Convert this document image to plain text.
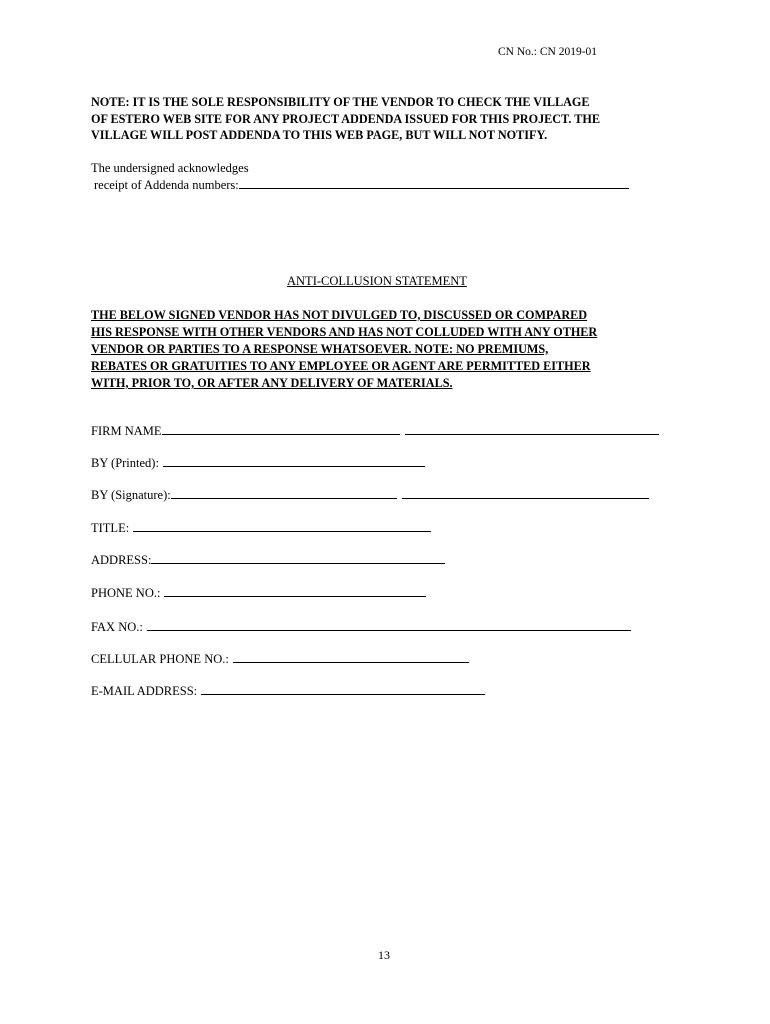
CN No.: CN 2019-01
NOTE: IT IS THE SOLE RESPONSIBILITY OF THE VENDOR TO CHECK THE VILLAGE
OF ESTERO WEB SITE FOR ANY PROJECT ADDENDA ISSUED FOR THIS PROJECT. THE
VILLAGE WILL POST ADDENDA TO THIS WEB PAGE, BUT WILL NOT NOTIFY.
The undersigned acknowledges
receipt of Addenda numbers:
ANTI-COLLUSION STATEMENT
THE BELOW SIGNED VENDOR HAS NOT DIVULGED TO, DISCUSSED OR COMPARED
HIS RESPONSE WITH OTHER VENDORS AND HAS NOT COLLUDED WITH ANY OTHER
VENDOR OR PARTIES TO A RESPONSE WHATSOEVER. NOTE: NO PREMIUMS,
REBATES OR GRATUITIES TO ANY EMPLOYEE OR AGENT ARE PERMITTED EITHER
WITH, PRIOR TO, OR AFTER ANY DELIVERY OF MATERIALS.
FIRM NAME
BY (Printed):
BY (Signature):
TITLE:
ADDRESS:
PHONE NO.:
FAX NO.:
CELLULAR PHONE NO.:
E-MAIL ADDRESS:
13
